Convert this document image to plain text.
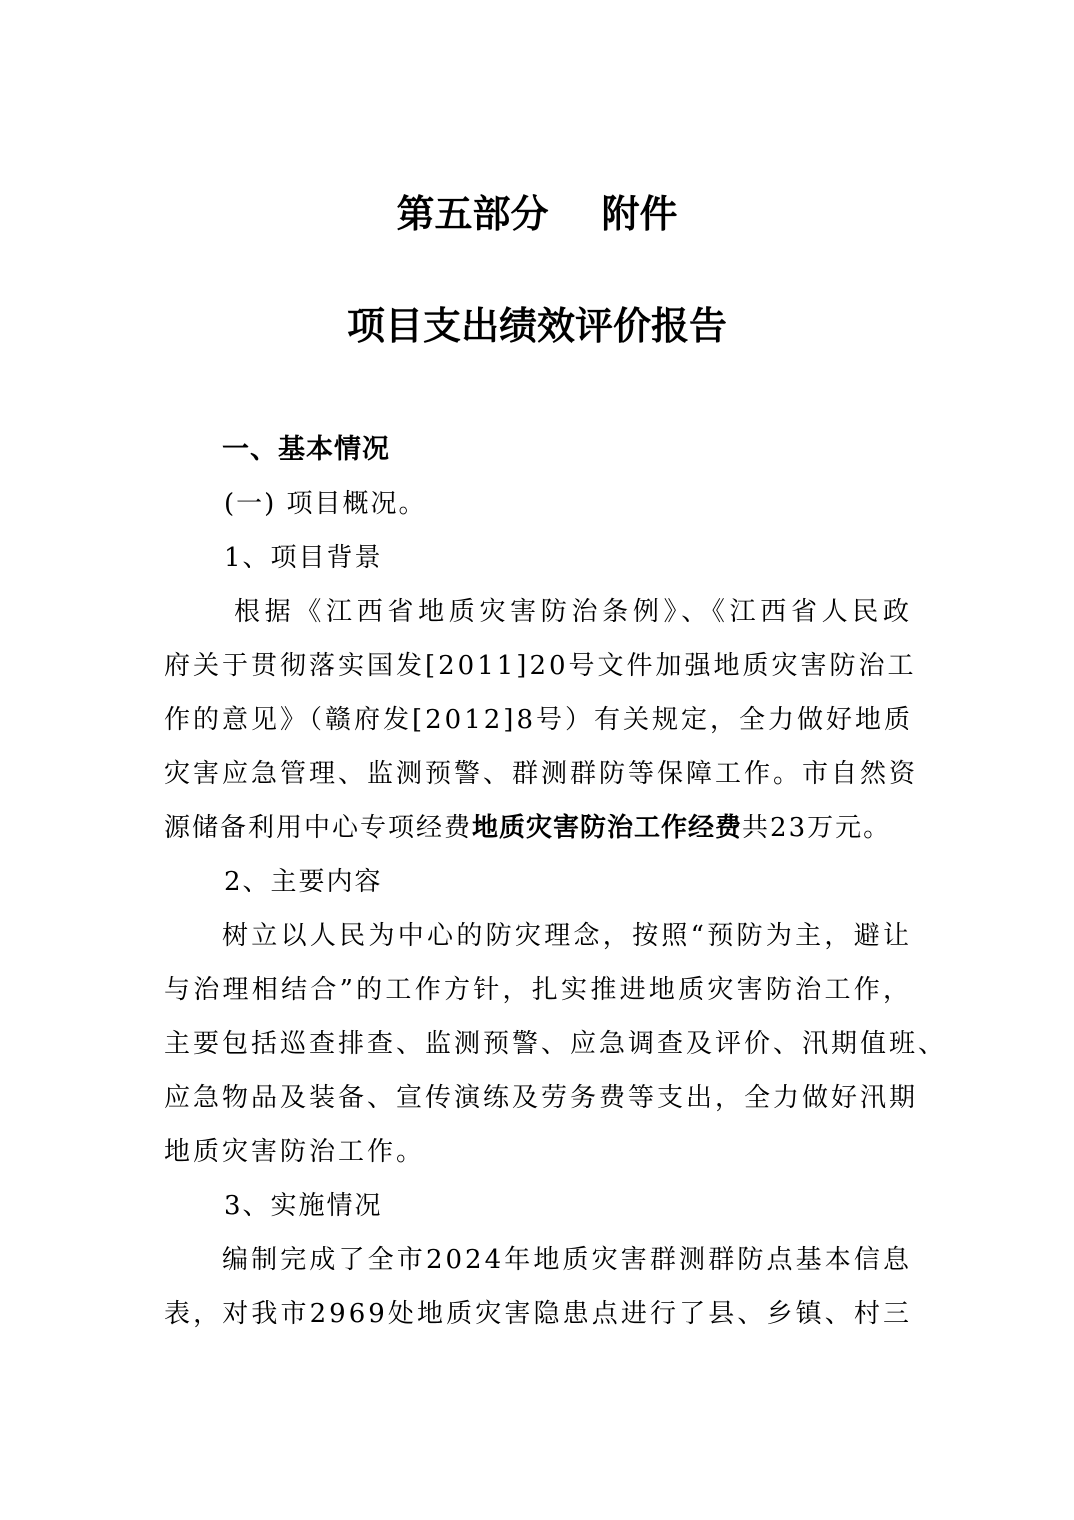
第五部分    附件
项目支出绩效评价报告
一、基本情况
(一) 项目概况。
1、项目背景
根据《江西省地质灾害防治条例》、《江西省人民政
府关于贯彻落实国发[2011]20号文件加强地质灾害防治工
作的意见》（赣府发[2012]8号）有关规定，全力做好地质
灾害应急管理、监测预警、群测群防等保障工作。市自然资
源储备利用中心专项经费地质灾害防治工作经费共23万元。
2、主要内容
树立以人民为中心的防灾理念，按照“预防为主，避让
与治理相结合”的工作方针，扎实推进地质灾害防治工作，
主要包括巡查排查、监测预警、应急调查及评价、汛期值班、
应急物品及装备、宣传演练及劳务费等支出，全力做好汛期
地质灾害防治工作。
3、实施情况
编制完成了全市2024年地质灾害群测群防点基本信息
表，对我市2969处地质灾害隐患点进行了县、乡镇、村三
